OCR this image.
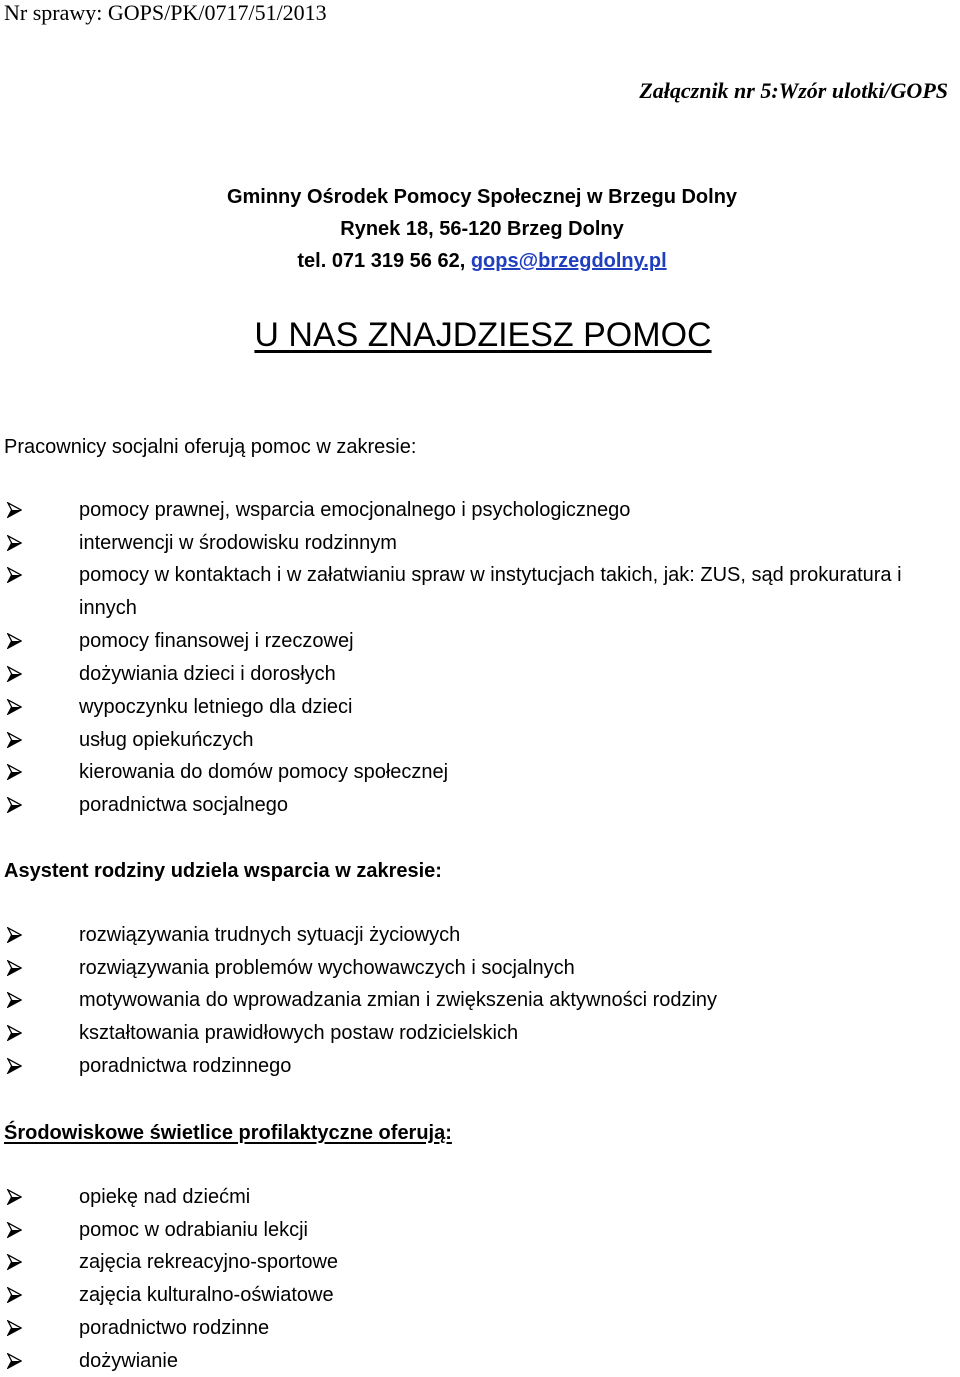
Nr sprawy: GOPS/PK/0717/51/2013
Załącznik nr 5:Wzór ulotki/GOPS
Gminny Ośrodek Pomocy Społecznej w Brzegu Dolny
Rynek 18, 56-120 Brzeg Dolny
tel. 071 319 56 62, gops@brzegdolny.pl
U NAS ZNAJDZIESZ POMOC
Pracownicy socjalni oferują pomoc w zakresie:
pomocy prawnej, wsparcia emocjonalnego i psychologicznego
interwencji w środowisku rodzinnym
pomocy w kontaktach i w załatwianiu spraw w instytucjach takich, jak: ZUS, sąd prokuratura i innych
pomocy finansowej i rzeczowej
dożywiania dzieci i dorosłych
wypoczynku letniego dla dzieci
usług opiekuńczych
kierowania do domów pomocy społecznej
poradnictwa socjalnego
Asystent rodziny udziela wsparcia w zakresie:
rozwiązywania trudnych sytuacji życiowych
rozwiązywania problemów wychowawczych i socjalnych
motywowania do wprowadzania zmian i zwiększenia aktywności rodziny
kształtowania prawidłowych postaw rodzicielskich
poradnictwa rodzinnego
Środowiskowe świetlice profilaktyczne oferują:
opiekę nad dziećmi
pomoc w odrabianiu lekcji
zajęcia rekreacyjno-sportowe
zajęcia kulturalno-oświatowe
poradnictwo rodzinne
dożywianie
